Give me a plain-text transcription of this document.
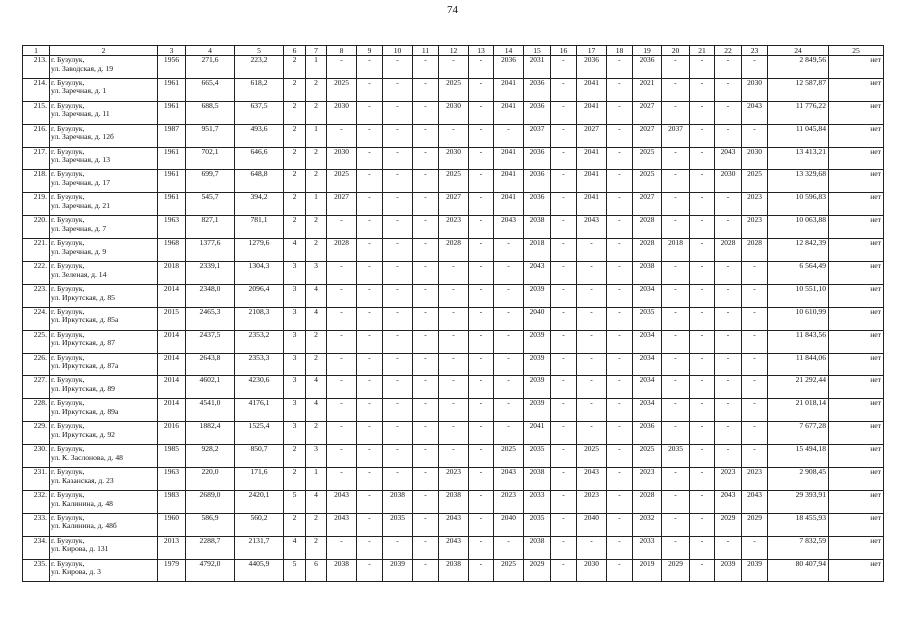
74
1	2	3	4	5	6	7	8	9	10	11	12	13	14	15	16	17	18	19	20	21	22	23	24	25
213.	г. Бузулук,
ул. Заводская, д. 19	1956	271,6	223,2	2	1	-	-	-	-	-	-	2036	2031	-	2036	-	2036	-	-	-	-	2 849,56	нет
214.	г. Бузулук,
ул. Заречная, д. 1	1961	665,4	618,2	2	2	2025	-	-	-	2025	-	2041	2036	-	2041	-	2021	-	-	-	2030	12 587,87	нет
215.	г. Бузулук,
ул. Заречная, д. 11	1961	688,5	637,5	2	2	2030	-	-	-	2030	-	2041	2036	-	2041	-	2027	-	-	-	2043	11 776,22	нет
216.	г. Бузулук,
ул. Заречная, д. 12б	1987	951,7	493,6	2	1	-	-	-	-	-	-	-	2037	-	2027	-	2027	2037	-	-	-	11 045,84	нет
217.	г. Бузулук,
ул. Заречная, д. 13	1961	702,1	646,6	2	2	2030	-	-	-	2030	-	2041	2036	-	2041	-	2025	-	-	2043	2030	13 413,21	нет
218.	г. Бузулук,
ул. Заречная, д. 17	1961	699,7	648,8	2	2	2025	-	-	-	2025	-	2041	2036	-	2041	-	2025	-	-	2030	2025	13 329,68	нет
219.	г. Бузулук,
ул. Заречная, д. 21	1961	545,7	394,2	2	1	2027	-	-	-	2027	-	2041	2036	-	2041	-	2027	-	-	-	2023	10 596,83	нет
220.	г. Бузулук,
ул. Заречная, д. 7	1963	827,1	781,1	2	2	-	-	-	-	2023	-	2043	2038	-	2043	-	2028	-	-	-	2023	10 063,88	нет
221.	г. Бузулук,
ул. Заречная, д. 9	1968	1377,6	1279,6	4	2	2028	-	-	-	2028	-	-	2018	-	-	-	2028	2018	-	2028	2028	12 842,39	нет
222.	г. Бузулук,
ул. Зеленая, д. 14	2018	2339,1	1304,3	3	3	-	-	-	-	-	-	-	2043	-	-	-	2038	-	-	-	-	6 564,49	нет
223.	г. Бузулук,
ул. Иркутская, д. 85	2014	2348,0	2096,4	3	4	-	-	-	-	-	-	-	2039	-	-	-	2034	-	-	-	-	10 551,10	нет
224.	г. Бузулук,
ул. Иркутская, д. 85а	2015	2465,3	2108,3	3	4	-	-	-	-	-	-	-	2040	-	-	-	2035	-	-	-	-	10 610,99	нет
225.	г. Бузулук,
ул. Иркутская, д. 87	2014	2437,5	2353,2	3	2	-	-	-	-	-	-	-	2039	-	-	-	2034	-	-	-	-	11 843,56	нет
226.	г. Бузулук,
ул. Иркутская, д. 87а	2014	2643,8	2353,3	3	2	-	-	-	-	-	-	-	2039	-	-	-	2034	-	-	-	-	11 844,06	нет
227.	г. Бузулук,
ул. Иркутская, д. 89	2014	4602,1	4230,6	3	4	-	-	-	-	-	-	-	2039	-	-	-	2034	-	-	-	-	21 292,44	нет
228.	г. Бузулук,
ул. Иркутская, д. 89а	2014	4541,0	4176,1	3	4	-	-	-	-	-	-	-	2039	-	-	-	2034	-	-	-	-	21 018,14	нет
229.	г. Бузулук,
ул. Иркутская, д. 92	2016	1882,4	1525,4	3	2	-	-	-	-	-	-	-	2041	-	-	-	2036	-	-	-	-	7 677,28	нет
230.	г. Бузулук,
ул. К. Заслоновa, д. 48	1985	928,2	850,7	2	3	-	-	-	-	-	-	2025	2035	-	2025	-	2025	2035	-	-	-	15 494,18	нет
231.	г. Бузулук,
ул. Казанская, д. 23	1963	220,0	171,6	2	1	-	-	-	-	2023	-	2043	2038	-	2043	-	2023	-	-	2023	2023	2 908,45	нет
232.	г. Бузулук,
ул. Калинина, д. 48	1983	2689,0	2420,1	5	4	2043	-	2038	-	2038	-	2023	2033	-	2023	-	2028	-	-	2043	2043	29 393,91	нет
233.	г. Бузулук,
ул. Калинина, д. 48б	1960	586,9	560,2	2	2	2043	-	2035	-	2043	-	2040	2035	-	2040	-	2032	-	-	2029	2029	18 455,93	нет
234.	г. Бузулук,
ул. Кирова, д. 131	2013	2288,7	2131,7	4	2	-	-	-	-	2043	-	-	2038	-	-	-	2033	-	-	-	-	7 832,59	нет
235.	г. Бузулук,
ул. Кирова, д. 3	1979	4792,0	4405,9	5	6	2038	-	2039	-	2038	-	2025	2029	-	2030	-	2019	2029	-	2039	2039	80 407,94	нет
